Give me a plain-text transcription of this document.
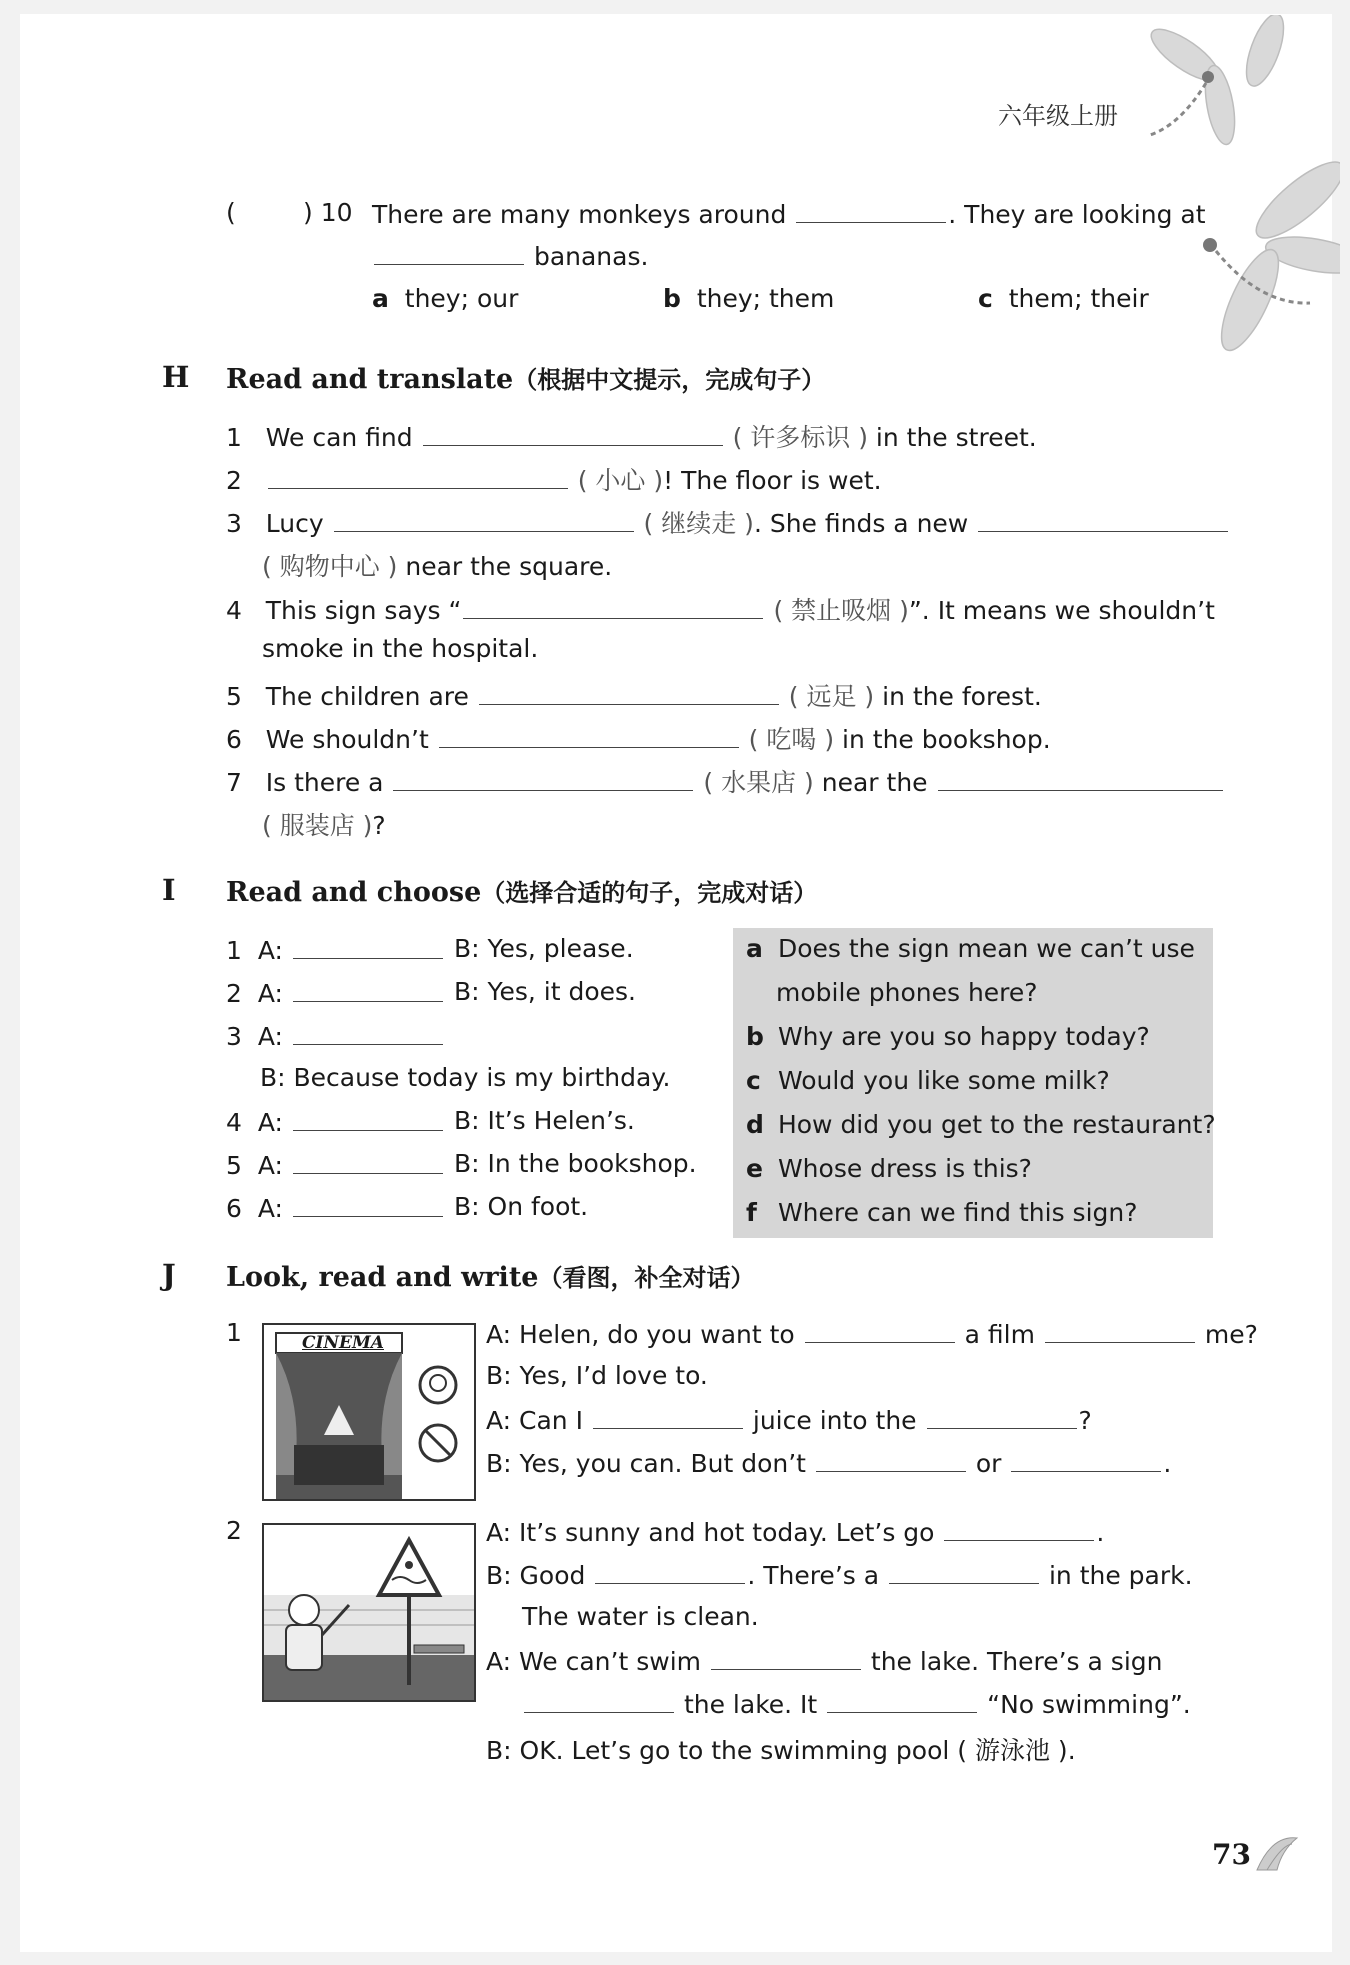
六年级上册
(	) 10 There are many monkeys around	. They are looking at
bananas.
a they; our	b they; them	c them; their
H Read and translate（根据中文提示，完成句子）
1 We can find	( 许多标识 ) in the street.
2	( 小心 )! The floor is wet.
3 Lucy	( 继续走 ). She finds a new
( 购物中心 ) near the square.
4 This sign says “	( 禁止吸烟 )”. It means we shouldn’t
smoke in the hospital.
5 The children are	( 远足 ) in the forest.
6 We shouldn’t	( 吃喝 ) in the bookshop.
7 Is there a	( 水果店 ) near the
( 服装店 )?
I Read and choose（选择合适的句子，完成对话）
1 A:	B: Yes, please.
2 A:	B: Yes, it does.
3 A:
B: Because today is my birthday.
4 A:	B: It’s Helen’s.
5 A:	B: In the bookshop.
6 A:	B: On foot.
a Does the sign mean we can’t use
mobile phones here?
b Why are you so happy today?
c Would you like some milk?
d How did you get to the restaurant?
e Whose dress is this?
f Where can we find this sign?
J Look, read and write（看图，补全对话）
1	CINEMA	A: Helen, do you want to	a film	me?
B: Yes, I’d love to.
A: Can I	juice into the	?
B: Yes, you can. But don’t	or	.
2	A: It’s sunny and hot today. Let’s go	.
B: Good	. There’s a	in the park.
The water is clean.
A: We can’t swim	the lake. There’s a sign
the lake. It	“No swimming”.
B: OK. Let’s go to the swimming pool ( 游泳池 ).
73
